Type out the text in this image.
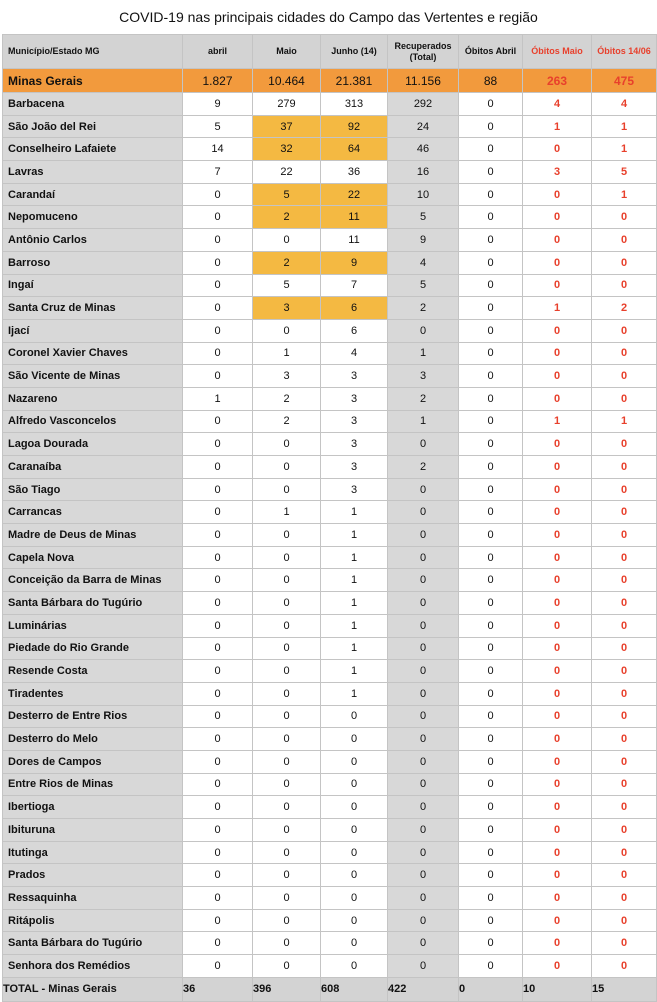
COVID-19 nas principais cidades do Campo das Vertentes e região
Município/Estado MG	abril	Maio	Junho (14)	Recuperados (Total)	Óbitos Abril	Óbitos Maio	Óbitos 14/06
Minas Gerais	1.827	10.464	21.381	11.156	88	263	475
Barbacena	9	279	313	292	0	4	4
São João del Rei	5	37	92	24	0	1	1
Conselheiro Lafaiete	14	32	64	46	0	0	1
Lavras	7	22	36	16	0	3	5
Carandaí	0	5	22	10	0	0	1
Nepomuceno	0	2	11	5	0	0	0
Antônio Carlos	0	0	11	9	0	0	0
Barroso	0	2	9	4	0	0	0
Ingaí	0	5	7	5	0	0	0
Santa Cruz de Minas	0	3	6	2	0	1	2
Ijací	0	0	6	0	0	0	0
Coronel Xavier Chaves	0	1	4	1	0	0	0
São Vicente de Minas	0	3	3	3	0	0	0
Nazareno	1	2	3	2	0	0	0
Alfredo Vasconcelos	0	2	3	1	0	1	1
Lagoa Dourada	0	0	3	0	0	0	0
Caranaíba	0	0	3	2	0	0	0
São Tiago	0	0	3	0	0	0	0
Carrancas	0	1	1	0	0	0	0
Madre de Deus de Minas	0	0	1	0	0	0	0
Capela Nova	0	0	1	0	0	0	0
Conceição da Barra de Minas	0	0	1	0	0	0	0
Santa Bárbara do Tugúrio	0	0	1	0	0	0	0
Luminárias	0	0	1	0	0	0	0
Piedade do Rio Grande	0	0	1	0	0	0	0
Resende Costa	0	0	1	0	0	0	0
Tiradentes	0	0	1	0	0	0	0
Desterro de Entre Rios	0	0	0	0	0	0	0
Desterro do Melo	0	0	0	0	0	0	0
Dores de Campos	0	0	0	0	0	0	0
Entre Rios de Minas	0	0	0	0	0	0	0
Ibertioga	0	0	0	0	0	0	0
Ibituruna	0	0	0	0	0	0	0
Itutinga	0	0	0	0	0	0	0
Prados	0	0	0	0	0	0	0
Ressaquinha	0	0	0	0	0	0	0
Ritápolis	0	0	0	0	0	0	0
Santa Bárbara do Tugúrio	0	0	0	0	0	0	0
Senhora dos Remédios	0	0	0	0	0	0	0
TOTAL - Minas Gerais	36	396	608	422	0	10	15
